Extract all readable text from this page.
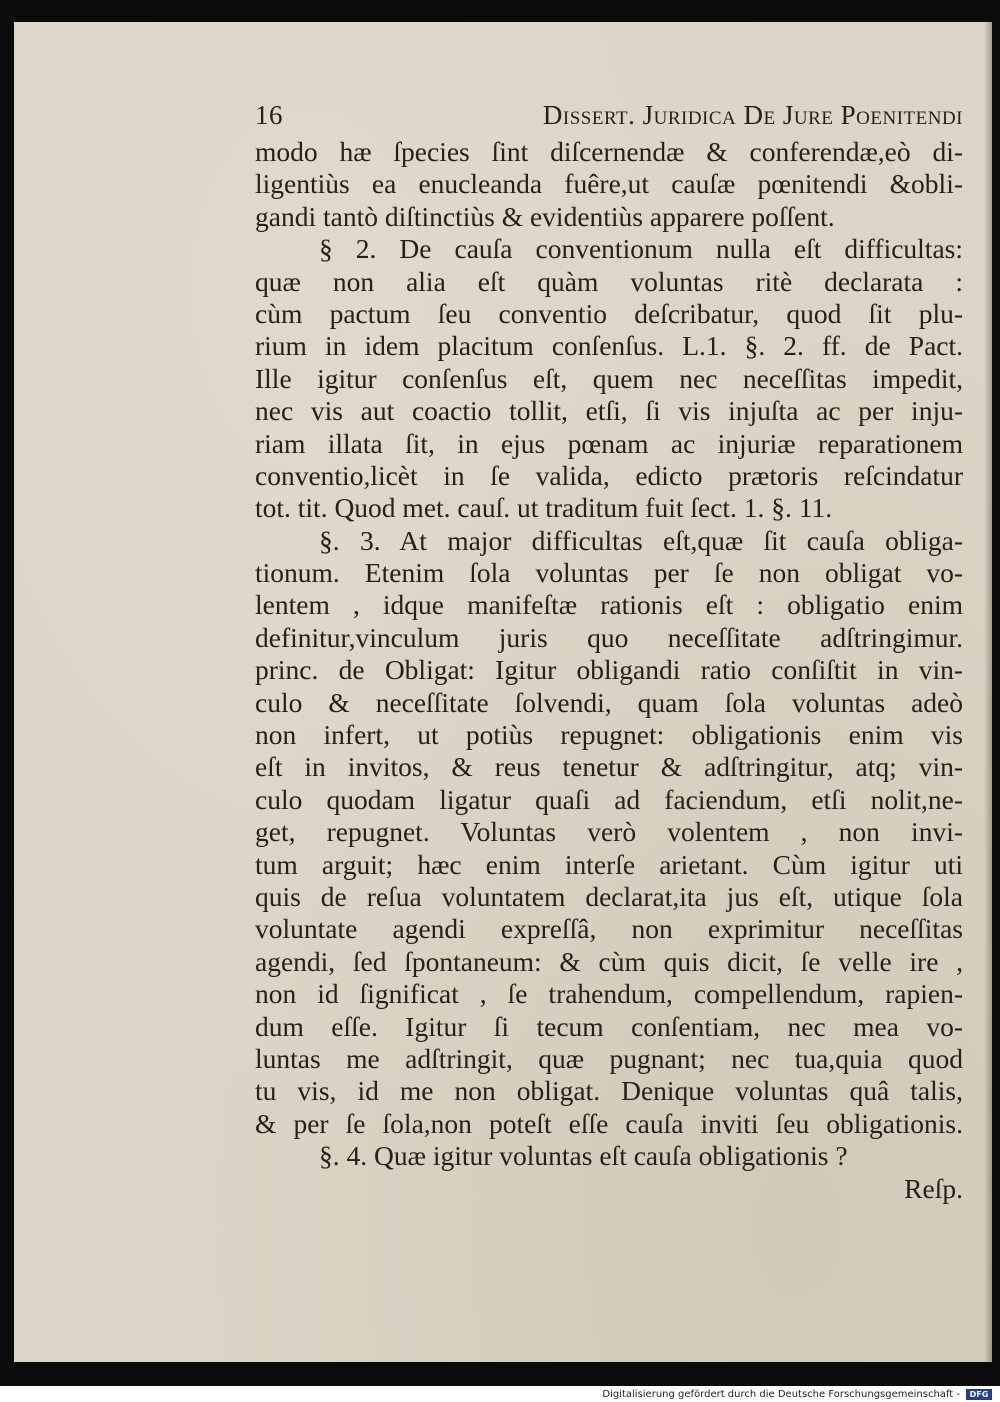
16	Dissert. Juridica De Jure Poenitendi
modo hæ ſpecies ſint diſcernendæ & conferendæ,eò di-
ligentiùs ea enucleanda fuêre,ut cauſæ pœnitendi &obli-
gandi tantò diſtinctiùs & evidentiùs apparere poſſent.
§ 2. De cauſa conventionum nulla eſt difficultas:
quæ non alia eſt quàm voluntas ritè declarata :
cùm pactum ſeu conventio deſcribatur, quod ſit plu-
rium in idem placitum conſenſus. L.1. §. 2. ff. de Pact.
Ille igitur conſenſus eſt, quem nec neceſſitas impedit,
nec vis aut coactio tollit, etſi, ſi vis injuſta ac per inju-
riam illata ſit, in ejus pœnam ac injuriæ reparationem
conventio,licèt in ſe valida, edicto prætoris reſcindatur
tot. tit. Quod met. cauſ. ut traditum fuit ſect. 1. §. 11.
§. 3. At major difficultas eſt,quæ ſit cauſa obliga-
tionum. Etenim ſola voluntas per ſe non obligat vo-
lentem , idque manifeſtæ rationis eſt : obligatio enim
definitur,vinculum juris quo neceſſitate adſtringimur.
princ. de Obligat: Igitur obligandi ratio conſiſtit in vin-
culo & neceſſitate ſolvendi, quam ſola voluntas adeò
non infert, ut potiùs repugnet: obligationis enim vis
eſt in invitos, & reus tenetur & adſtringitur, atq; vin-
culo quodam ligatur quaſi ad faciendum, etſi nolit,ne-
get, repugnet. Voluntas verò volentem , non invi-
tum arguit; hæc enim interſe arietant. Cùm igitur uti
quis de reſua voluntatem declarat,ita jus eſt, utique ſola
voluntate agendi expreſſâ, non exprimitur neceſſitas
agendi, ſed ſpontaneum: & cùm quis dicit, ſe velle ire ,
non id ſignificat , ſe trahendum, compellendum, rapien-
dum eſſe. Igitur ſi tecum conſentiam, nec mea vo-
luntas me adſtringit, quæ pugnant; nec tua,quia quod
tu vis, id me non obligat. Denique voluntas quâ talis,
& per ſe ſola,non poteſt eſſe cauſa inviti ſeu obligationis.
§. 4. Quæ igitur voluntas eſt cauſa obligationis ?
Reſp.
Digitalisierung gefördert durch die Deutsche Forschungsgemeinschaft -	DFG
